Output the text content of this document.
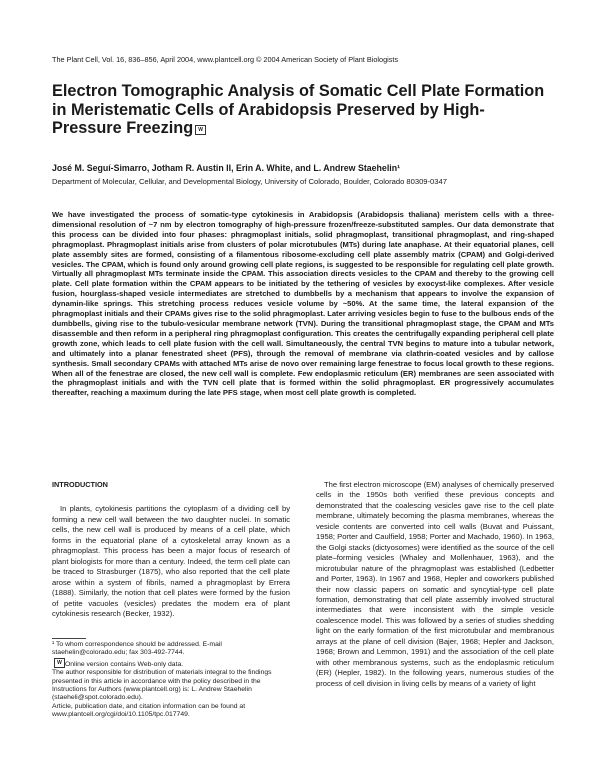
The Plant Cell, Vol. 16, 836–856, April 2004, www.plantcell.org © 2004 American Society of Plant Biologists
Electron Tomographic Analysis of Somatic Cell Plate Formation in Meristematic Cells of Arabidopsis Preserved by High-Pressure Freezing W
José M. Seguí-Simarro, Jotham R. Austin II, Erin A. White, and L. Andrew Staehelin¹
Department of Molecular, Cellular, and Developmental Biology, University of Colorado, Boulder, Colorado 80309-0347

We have investigated the process of somatic-type cytokinesis in Arabidopsis (Arabidopsis thaliana) meristem cells with a three-dimensional resolution of ~7 nm by electron tomography of high-pressure frozen/freeze-substituted samples. Our data demonstrate that this process can be divided into four phases: phragmoplast initials, solid phragmoplast, transitional phragmoplast, and ring-shaped phragmoplast. Phragmoplast initials arise from clusters of polar microtubules (MTs) during late anaphase. At their equatorial planes, cell plate assembly sites are formed, consisting of a filamentous ribosome-excluding cell plate assembly matrix (CPAM) and Golgi-derived vesicles. The CPAM, which is found only around growing cell plate regions, is suggested to be responsible for regulating cell plate growth. Virtually all phragmoplast MTs terminate inside the CPAM. This association directs vesicles to the CPAM and thereby to the growing cell plate. Cell plate formation within the CPAM appears to be initiated by the tethering of vesicles by exocyst-like complexes. After vesicle fusion, hourglass-shaped vesicle intermediates are stretched to dumbbells by a mechanism that appears to involve the expansion of dynamin-like springs. This stretching process reduces vesicle volume by ~50%. At the same time, the lateral expansion of the phragmoplast initials and their CPAMs gives rise to the solid phragmoplast. Later arriving vesicles begin to fuse to the bulbous ends of the dumbbells, giving rise to the tubulo-vesicular membrane network (TVN). During the transitional phragmoplast stage, the CPAM and MTs disassemble and then reform in a peripheral ring phragmoplast configuration. This creates the centrifugally expanding peripheral cell plate growth zone, which leads to cell plate fusion with the cell wall. Simultaneously, the central TVN begins to mature into a tubular network, and ultimately into a planar fenestrated sheet (PFS), through the removal of membrane via clathrin-coated vesicles and by callose synthesis. Small secondary CPAMs with attached MTs arise de novo over remaining large fenestrae to focus local growth to these regions. When all of the fenestrae are closed, the new cell wall is complete. Few endoplasmic reticulum (ER) membranes are seen associated with the phragmoplast initials and with the TVN cell plate that is formed within the solid phragmoplast. ER progressively accumulates thereafter, reaching a maximum during the late PFS stage, when most cell plate growth is completed.

INTRODUCTION

In plants, cytokinesis partitions the cytoplasm of a dividing cell by forming a new cell wall between the two daughter nuclei. In somatic cells, the new cell wall is produced by means of a cell plate, which forms in the equatorial plane of a cytoskeletal array known as a phragmoplast. This process has been a major focus of research of plant biologists for more than a century. Indeed, the term cell plate can be traced to Strasburger (1875), who also reported that the cell plate arose within a system of fibrils, named a phragmoplast by Errera (1888). Similarly, the notion that cell plates were formed by the fusion of petite vacuoles (vesicles) predates the modern era of plant cytokinesis research (Becker, 1932).

The first electron microscope (EM) analyses of chemically preserved cells in the 1950s both verified these previous concepts and demonstrated that the coalescing vesicles gave rise to the cell plate membrane, ultimately becoming the plasma membranes, whereas the vesicle contents are converted into cell walls (Buvat and Puissant, 1958; Porter and Caulfield, 1958; Porter and Machado, 1960). In 1963, the Golgi stacks (dictyosomes) were identified as the source of the cell plate–forming vesicles (Whaley and Mollenhauer, 1963), and the microtubular nature of the phragmoplast was established (Ledbetter and Porter, 1963). In 1967 and 1968, Hepler and coworkers published their now classic papers on somatic and syncytial-type cell plate formation, demonstrating that cell plate assembly involved structural intermediates that were inconsistent with the simple vesicle coalescence model. This was followed by a series of studies shedding light on the early formation of the first microtubular and membranous arrays at the plane of cell division (Bajer, 1968; Hepler and Jackson, 1968; Brown and Lemmon, 1991) and the association of the cell plate with other membranous systems, such as the endoplasmic reticulum (ER) (Hepler, 1982). In the following years, numerous studies of the process of cell division in living cells by means of a variety of light

¹ To whom correspondence should be addressed. E-mail staehelin@colorado.edu; fax 303-492-7744.
W Online version contains Web-only data.
The author responsible for distribution of materials integral to the findings presented in this article in accordance with the policy described in the Instructions for Authors (www.plantcell.org) is: L. Andrew Staehelin (staeheli@spot.colorado.edu).
Article, publication date, and citation information can be found at www.plantcell.org/cgi/doi/10.1105/tpc.017749.
